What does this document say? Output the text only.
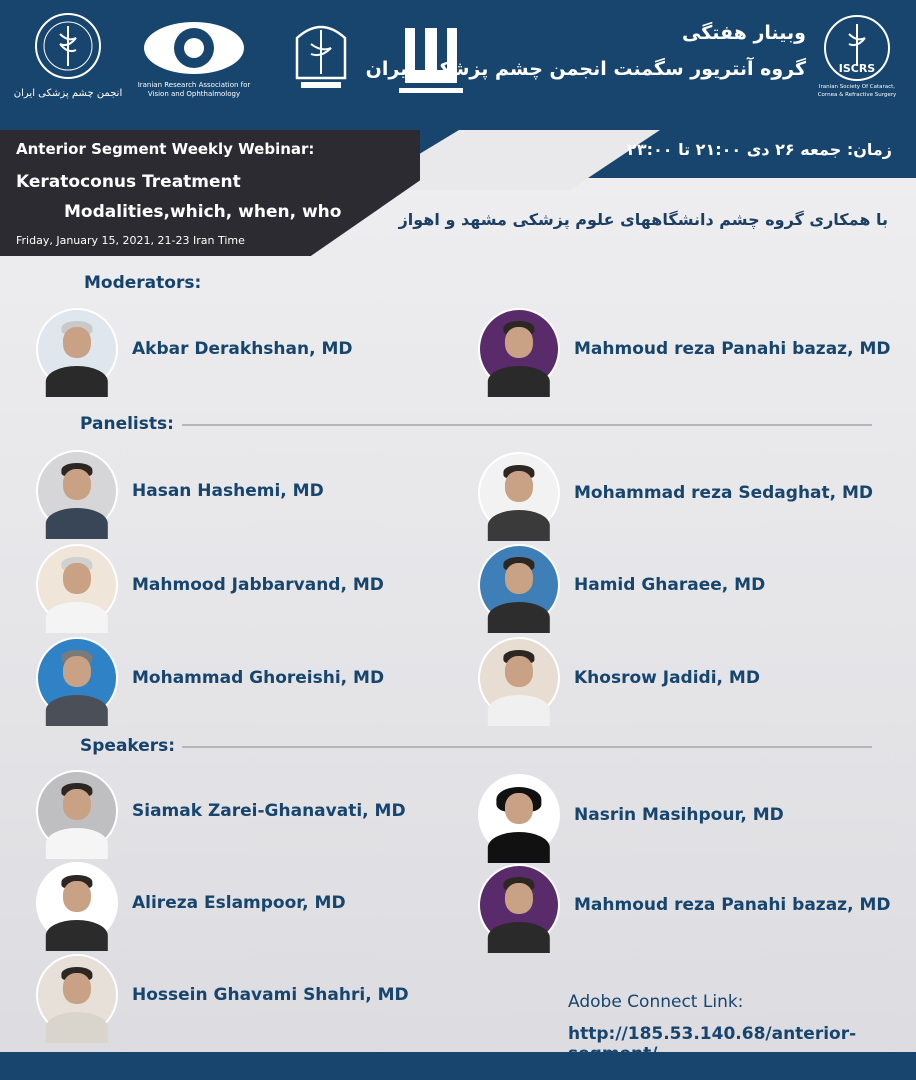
انجمن چشم پزشکی ایران
Iranian Research Association for
Vision and Ophthalmology
وبینار هفتگی
گروه آنتریور سگمنت انجمن چشم پزشکی ایران	ISCRS
Iranian Society Of Cataract,
Cornea & Refractive Surgery
Anterior Segment Weekly Webinar:
Keratoconus Treatment
Modalities,which, when, who
Friday, January 15, 2021, 21-23 Iran Time
زمان: جمعه ۲۶ دی ۲۱:۰۰ تا ۲۳:۰۰
با همکاری گروه چشم دانشگاههای علوم پزشکی مشهد و اهواز
Moderators:
Akbar Derakhshan, MD	Mahmoud reza Panahi bazaz, MD
Panelists:
Hasan Hashemi, MD	Mohammad reza Sedaghat, MD
Mahmood Jabbarvand, MD	Hamid Gharaee, MD
Mohammad Ghoreishi, MD	Khosrow Jadidi, MD
Speakers:
Siamak Zarei-Ghanavati, MD	Nasrin Masihpour, MD
Alireza Eslampoor, MD	Mahmoud reza Panahi bazaz, MD
Hossein Ghavami Shahri, MD	Adobe Connect Link:
http://185.53.140.68/anterior-
